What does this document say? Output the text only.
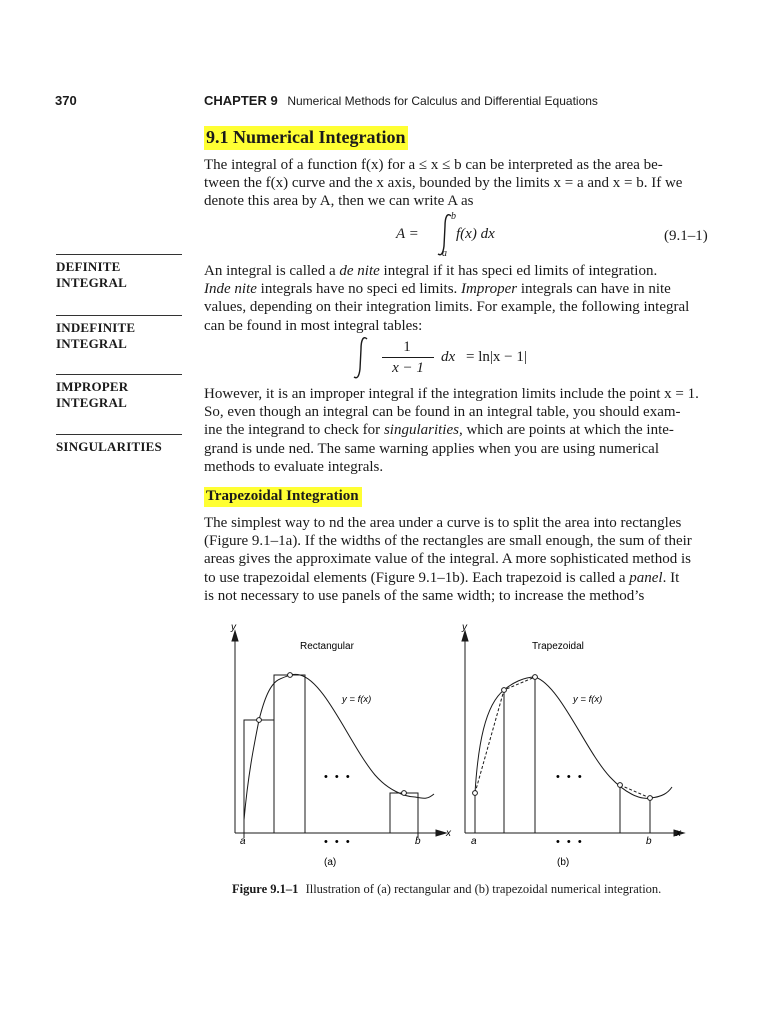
370	CHAPTER 9 Numerical Methods for Calculus and Differential Equations
9.1 Numerical Integration
The integral of a function f(x) for a ≤ x ≤ b can be interpreted as the area be-
tween the f(x) curve and the x axis, bounded by the limits x = a and x = b. If we
denote this area by A, then we can write A as
A =
b
a
f(x) dx	(9.1–1)
DEFINITE
INTEGRAL
INDEFINITE
INTEGRAL
IMPROPER
INTEGRAL
SINGULARITIES
An integral is called a de nite integral if it has speci ed limits of integration.
Inde nite integrals have no speci ed limits. Improper integrals can have in nite
values, depending on their integration limits. For example, the following integral
can be found in most integral tables:
1
x − 1
dx = ln|x − 1|
However, it is an improper integral if the integration limits include the point x = 1.
So, even though an integral can be found in an integral table, you should exam-
ine the integrand to check for singularities, which are points at which the inte-
grand is unde ned. The same warning applies when you are using numerical
methods to evaluate integrals.
Trapezoidal Integration
The simplest way to nd the area under a curve is to split the area into rectangles
(Figure 9.1–1a). If the widths of the rectangles are small enough, the sum of their
areas gives the approximate value of the integral. A more sophisticated method is
to use trapezoidal elements (Figure 9.1–1b). Each trapezoid is called a panel. It
is not necessary to use panels of the same width; to increase the method’s
y
Rectangular
y = f(x)
• • •
• • •
x
a	b
(a)
y
Trapezoidal
y = f(x)
• • •
• • •
x
a	b
(b)
Figure 9.1–1 Illustration of (a) rectangular and (b) trapezoidal numerical integration.
